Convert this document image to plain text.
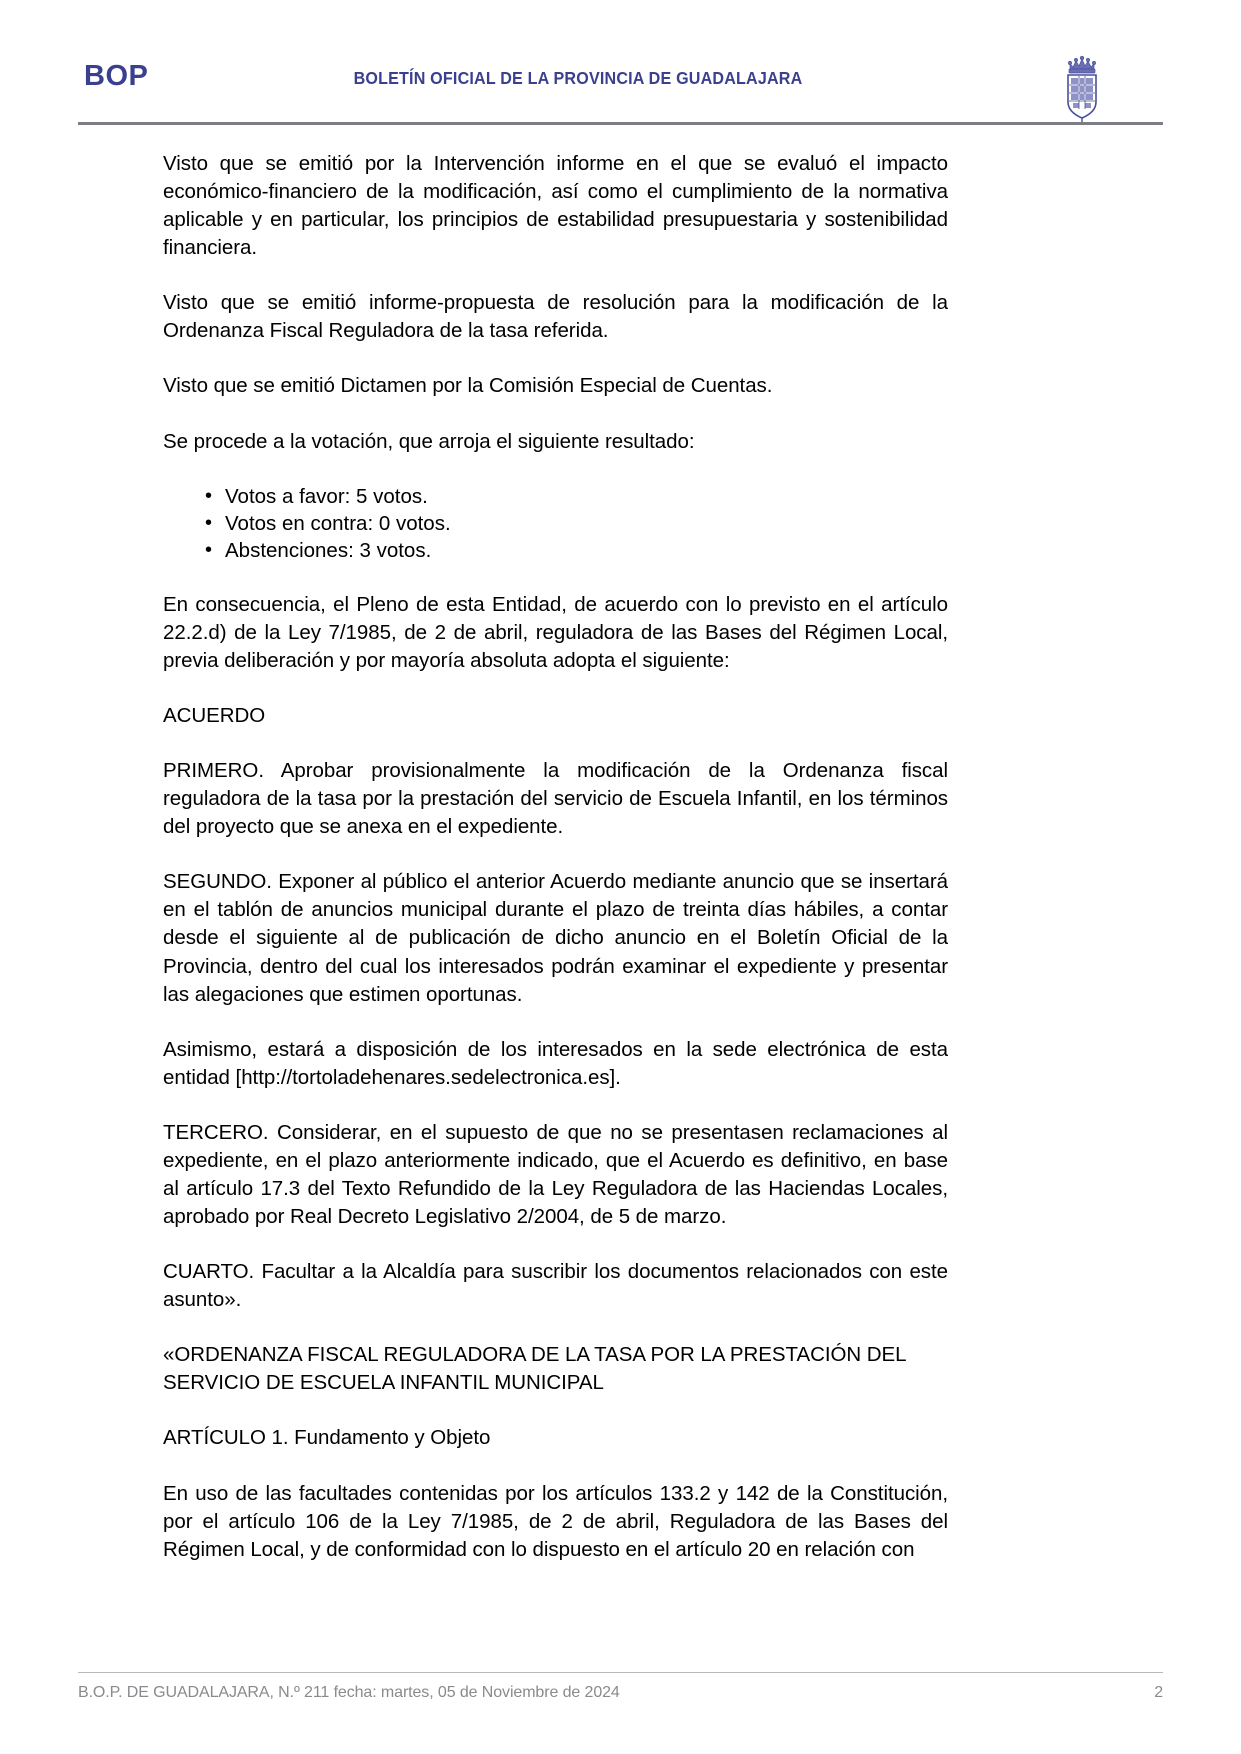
BOP	BOLETÍN OFICIAL DE LA PROVINCIA DE GUADALAJARA

Visto que se emitió por la Intervención informe en el que se evaluó el impacto económico-financiero de la modificación, así como el cumplimiento de la normativa aplicable y en particular, los principios de estabilidad presupuestaria y sostenibilidad financiera.

Visto que se emitió informe-propuesta de resolución para la modificación de la Ordenanza Fiscal Reguladora de la tasa referida.

Visto que se emitió Dictamen por la Comisión Especial de Cuentas.

Se procede a la votación, que arroja el siguiente resultado:

• Votos a favor: 5 votos.
• Votos en contra: 0 votos.
• Abstenciones: 3 votos.

En consecuencia, el Pleno de esta Entidad, de acuerdo con lo previsto en el artículo 22.2.d) de la Ley 7/1985, de 2 de abril, reguladora de las Bases del Régimen Local, previa deliberación y por mayoría absoluta adopta el siguiente:

ACUERDO

PRIMERO. Aprobar provisionalmente la modificación de la Ordenanza fiscal reguladora de la tasa por la prestación del servicio de Escuela Infantil, en los términos del proyecto que se anexa en el expediente.

SEGUNDO. Exponer al público el anterior Acuerdo mediante anuncio que se insertará en el tablón de anuncios municipal durante el plazo de treinta días hábiles, a contar desde el siguiente al de publicación de dicho anuncio en el Boletín Oficial de la Provincia, dentro del cual los interesados podrán examinar el expediente y presentar las alegaciones que estimen oportunas.

Asimismo, estará a disposición de los interesados en la sede electrónica de esta entidad [http://tortoladehenares.sedelectronica.es].

TERCERO. Considerar, en el supuesto de que no se presentasen reclamaciones al expediente, en el plazo anteriormente indicado, que el Acuerdo es definitivo, en base al artículo 17.3 del Texto Refundido de la Ley Reguladora de las Haciendas Locales, aprobado por Real Decreto Legislativo 2/2004, de 5 de marzo.

CUARTO. Facultar a la Alcaldía para suscribir los documentos relacionados con este asunto».

«ORDENANZA FISCAL REGULADORA DE LA TASA POR LA PRESTACIÓN DEL SERVICIO DE ESCUELA INFANTIL MUNICIPAL

ARTÍCULO 1. Fundamento y Objeto

En uso de las facultades contenidas por los artículos 133.2 y 142 de la Constitución, por el artículo 106 de la Ley 7/1985, de 2 de abril, Reguladora de las Bases del Régimen Local, y de conformidad con lo dispuesto en el artículo 20 en relación con

B.O.P. DE GUADALAJARA, N.º 211 fecha: martes, 05 de Noviembre de 2024	2
